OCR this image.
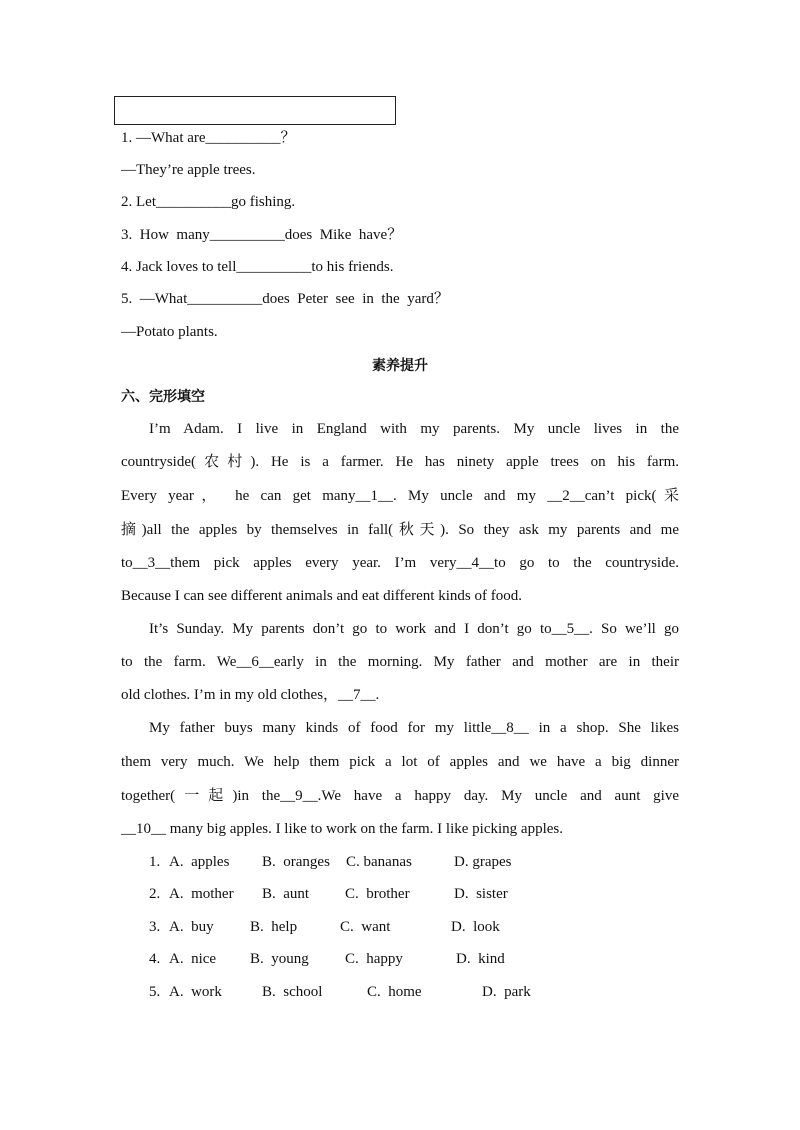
1. —What are__________？
—They’re apple trees.
2. Let__________go fishing.
3.  How  many__________does  Mike  have？
4. Jack loves to tell__________to his friends.
5.  —What__________does  Peter  see  in  the  yard？
—Potato plants.
素养提升
六、完形填空
I’m Adam. I live in England with my parents. My uncle lives in the
countryside(农村). He is a farmer. He has ninety apple trees on his farm.
Every year， he can get many__1__. My uncle and my __2__can’t pick(采
摘)all the apples by themselves in fall(秋天). So they ask my parents and me
to__3__them pick apples every year. I’m very__4__to go to the countryside.
Because I can see different animals and eat different kinds of food.
It’s Sunday. My parents don’t go to work and I don’t go to__5__. So we’ll go
to the farm. We__6__early in the morning. My father and mother are in their
old clothes. I’m in my old clothes，__7__.
My father buys many kinds of food for my little__8__ in a shop. She likes
them very much. We help them pick a lot of apples and we have a big dinner
together(一起)in the__9__.We have a happy day. My uncle and aunt give
__10__ many big apples. I like to work on the farm. I like picking apples.
1. A.  apples B.  oranges C. bananas	D. grapes
2. A.  mother B.  aunt C.  brother	D.  sister
3. A.  buy B.  help	C.  want	D.  look
4. A.  nice B.  young C.  happy	D.  kind
5. A.  work	B.  school	C.  home	D.  park
